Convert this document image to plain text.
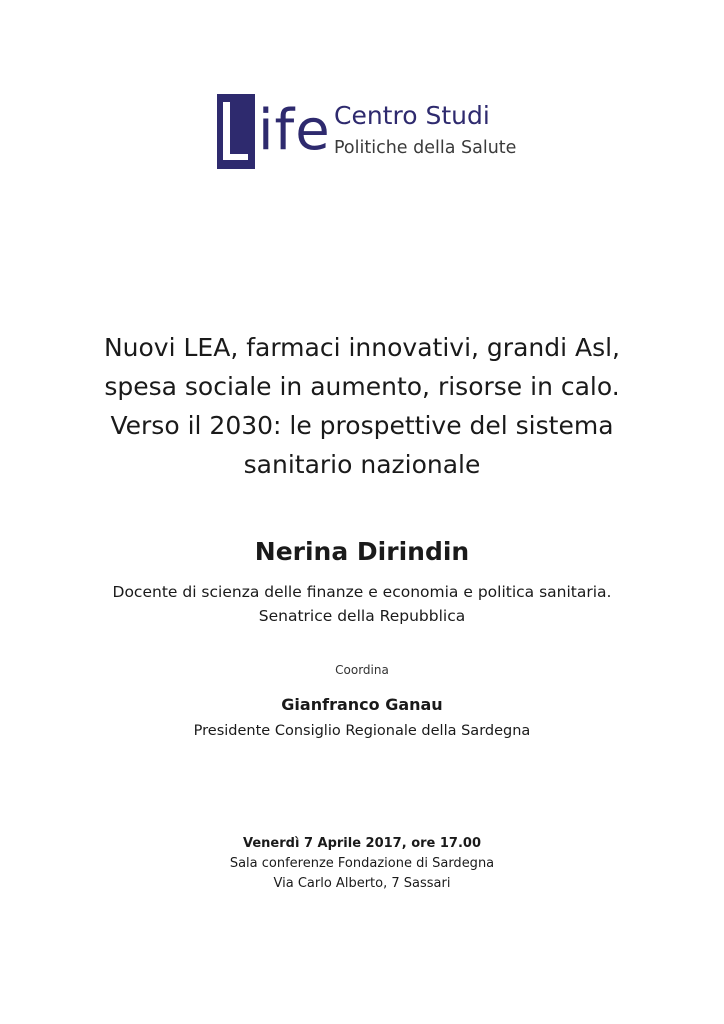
ife Centro Studi
Politiche della Salute
Nuovi LEA, farmaci innovativi, grandi Asl,
spesa sociale in aumento, risorse in calo.
Verso il 2030: le prospettive del sistema
sanitario nazionale
Nerina Dirindin
Docente di scienza delle finanze e economia e politica sanitaria.
Senatrice della Repubblica
Coordina
Gianfranco Ganau
Presidente Consiglio Regionale della Sardegna
Venerdì 7 Aprile 2017, ore 17.00
Sala conferenze Fondazione di Sardegna
Via Carlo Alberto, 7 Sassari
